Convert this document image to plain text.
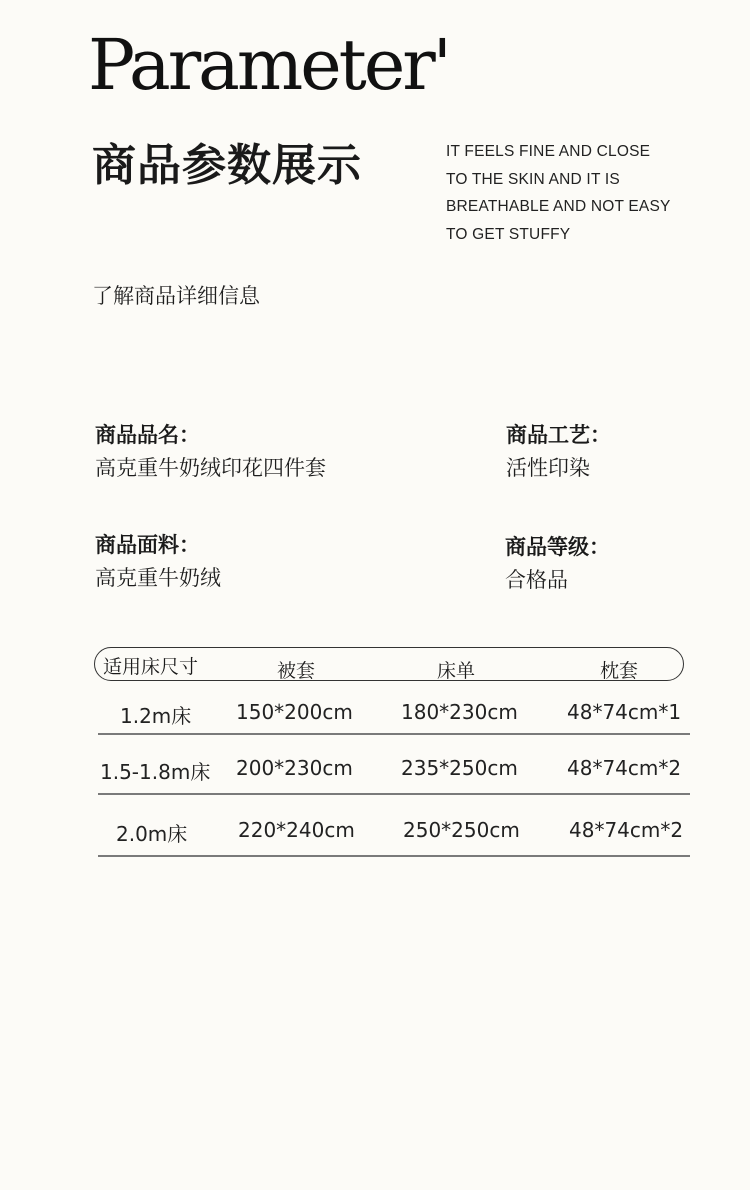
Parameter'
商品参数展示	IT FEELS FINE AND CLOSE
TO THE SKIN AND IT IS
BREATHABLE AND NOT EASY
TO GET STUFFY
了解商品详细信息
商品品名：
高克重牛奶绒印花四件套
商品工艺：
活性印染
商品面料：
高克重牛奶绒
商品等级：
合格品
适用床尺寸	被套	床单	枕套
1.2m床 150*200cm 180*230cm 48*74cm*1
1.5-1.8m床 200*230cm 235*250cm 48*74cm*2
2.0m床	220*240cm 250*250cm 48*74cm*2
